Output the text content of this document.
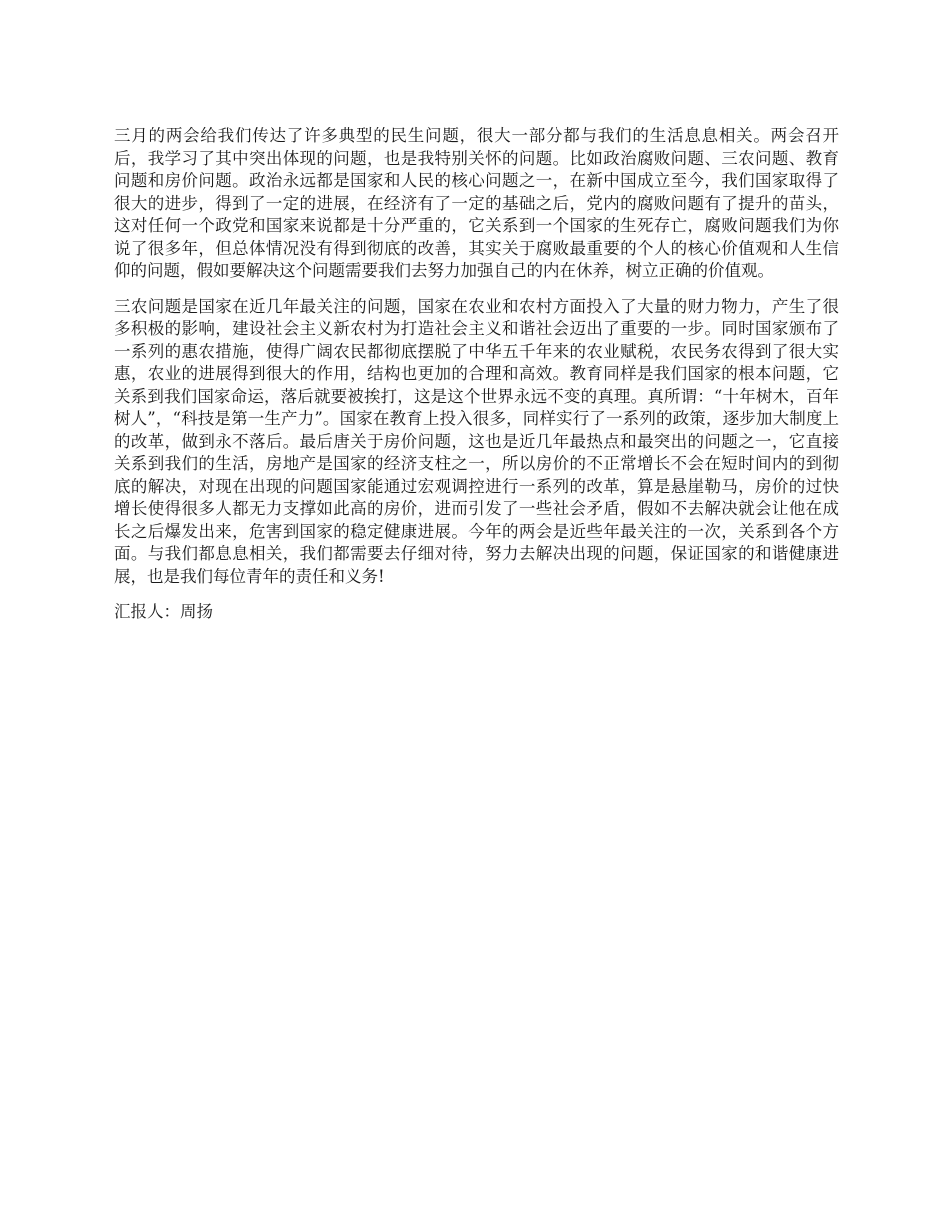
三月的两会给我们传达了许多典型的民生问题，很大一部分都与我们的生活息息相关。两会召开后，我学习了其中突出体现的问题，也是我特别关怀的问题。比如政治腐败问题、三农问题、教育问题和房价问题。政治永远都是国家和人民的核心问题之一，在新中国成立至今，我们国家取得了很大的进步，得到了一定的进展，在经济有了一定的基础之后，党内的腐败问题有了提升的苗头，这对任何一个政党和国家来说都是十分严重的，它关系到一个国家的生死存亡，腐败问题我们为你说了很多年，但总体情况没有得到彻底的改善，其实关于腐败最重要的个人的核心价值观和人生信仰的问题，假如要解决这个问题需要我们去努力加强自己的内在休养，树立正确的价值观。

三农问题是国家在近几年最关注的问题，国家在农业和农村方面投入了大量的财力物力，产生了很多积极的影响，建设社会主义新农村为打造社会主义和谐社会迈出了重要的一步。同时国家颁布了一系列的惠农措施，使得广阔农民都彻底摆脱了中华五千年来的农业赋税，农民务农得到了很大实惠，农业的进展得到很大的作用，结构也更加的合理和高效。教育同样是我们国家的根本问题，它关系到我们国家命运，落后就要被挨打，这是这个世界永远不变的真理。真所谓：“十年树木，百年树人”，“科技是第一生产力”。国家在教育上投入很多，同样实行了一系列的政策，逐步加大制度上的改革，做到永不落后。最后唐关于房价问题，这也是近几年最热点和最突出的问题之一，它直接关系到我们的生活，房地产是国家的经济支柱之一，所以房价的不正常增长不会在短时间内的到彻底的解决，对现在出现的问题国家能通过宏观调控进行一系列的改革，算是悬崖勒马，房价的过快增长使得很多人都无力支撑如此高的房价，进而引发了一些社会矛盾，假如不去解决就会让他在成长之后爆发出来，危害到国家的稳定健康进展。今年的两会是近些年最关注的一次，关系到各个方面。与我们都息息相关，我们都需要去仔细对待，努力去解决出现的问题，保证国家的和谐健康进展，也是我们每位青年的责任和义务!

汇报人：周扬
